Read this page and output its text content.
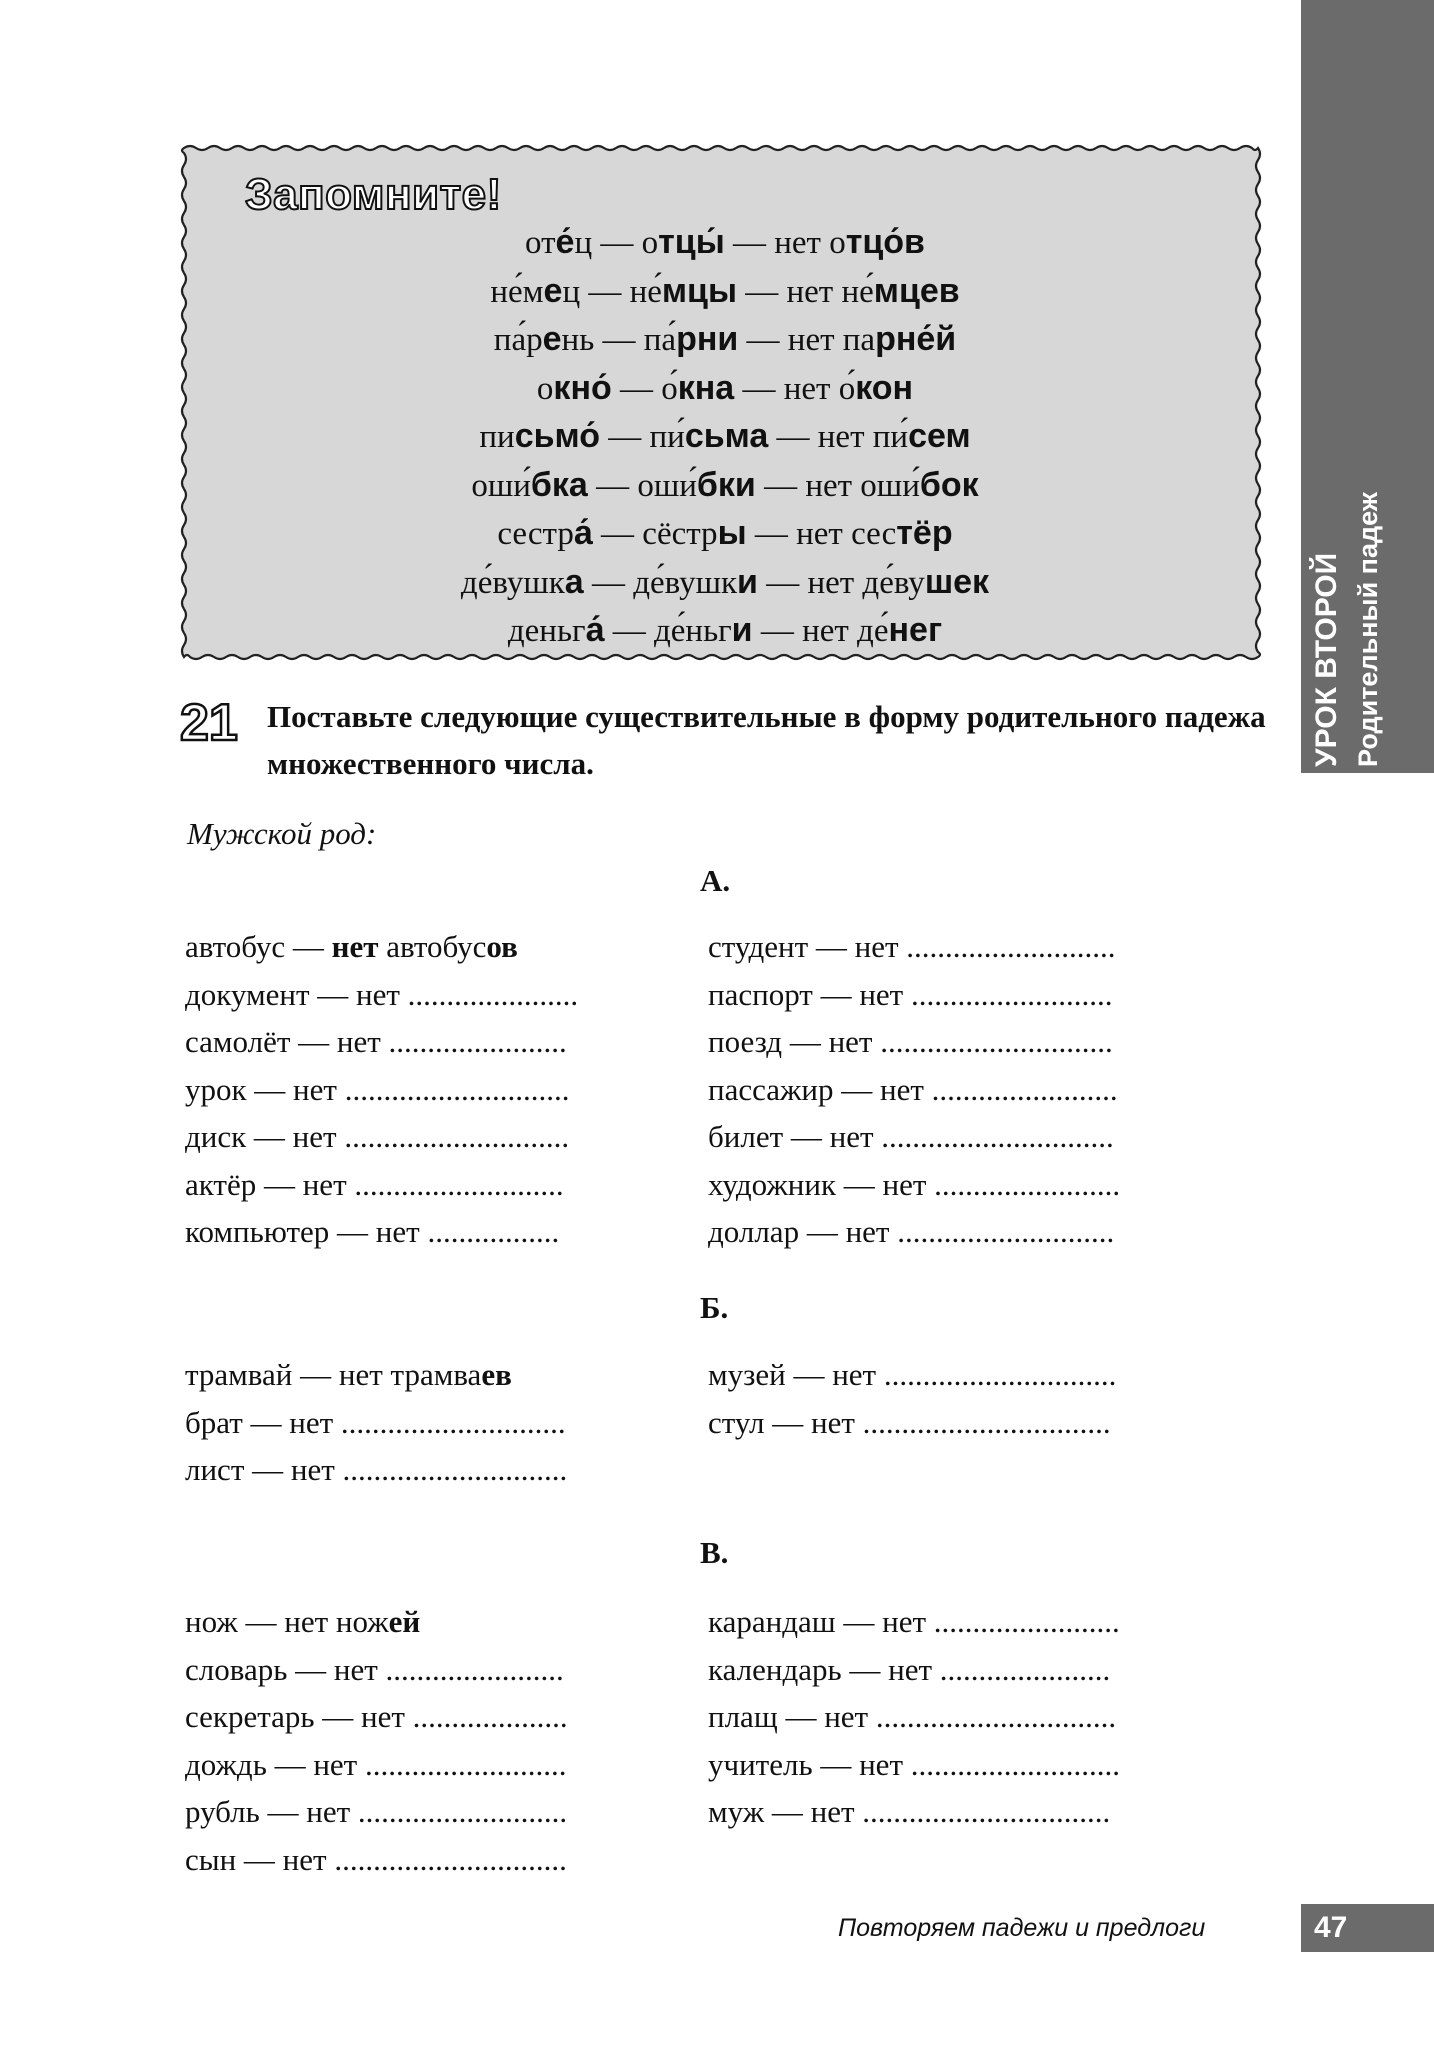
УРОК ВТОРОЙ Родительный падеж
Запомните!
оте́ц — отцы́ — нет отцо́в
не́мец — не́мцы — нет не́мцев
па́рень — па́рни — нет парне́й
окно́ — о́кна — нет о́кон
письмо́ — пи́сьма — нет пи́сем
оши́бка — оши́бки — нет оши́бок
сестра́ — сёстры — нет сестёр
де́вушка — де́вушки — нет де́вушек
деньга́ — де́ньги — нет де́нег
21 Поставьте следующие существительные в форму родительного падежа множественного числа.
Мужской род:
А.
автобус — нет автобусов
документ — нет ......................
самолёт — нет .......................
урок — нет .............................
диск — нет .............................
актёр — нет ...........................
компьютер — нет .................
студент — нет ...........................
паспорт — нет ..........................
поезд — нет ..............................
пассажир — нет ........................
билет — нет ..............................
художник — нет ........................
доллар — нет ............................
Б.
трамвай — нет трамваев
брат — нет .............................
лист — нет .............................
музей — нет ..............................
стул — нет ................................
В.
нож — нет ножей
словарь — нет .......................
секретарь — нет ....................
дождь — нет ..........................
рубль — нет ...........................
сын — нет ..............................
карандаш — нет ........................
календарь — нет ......................
плащ — нет ...............................
учитель — нет ...........................
муж — нет ................................
Повторяем падежи и предлоги	47
